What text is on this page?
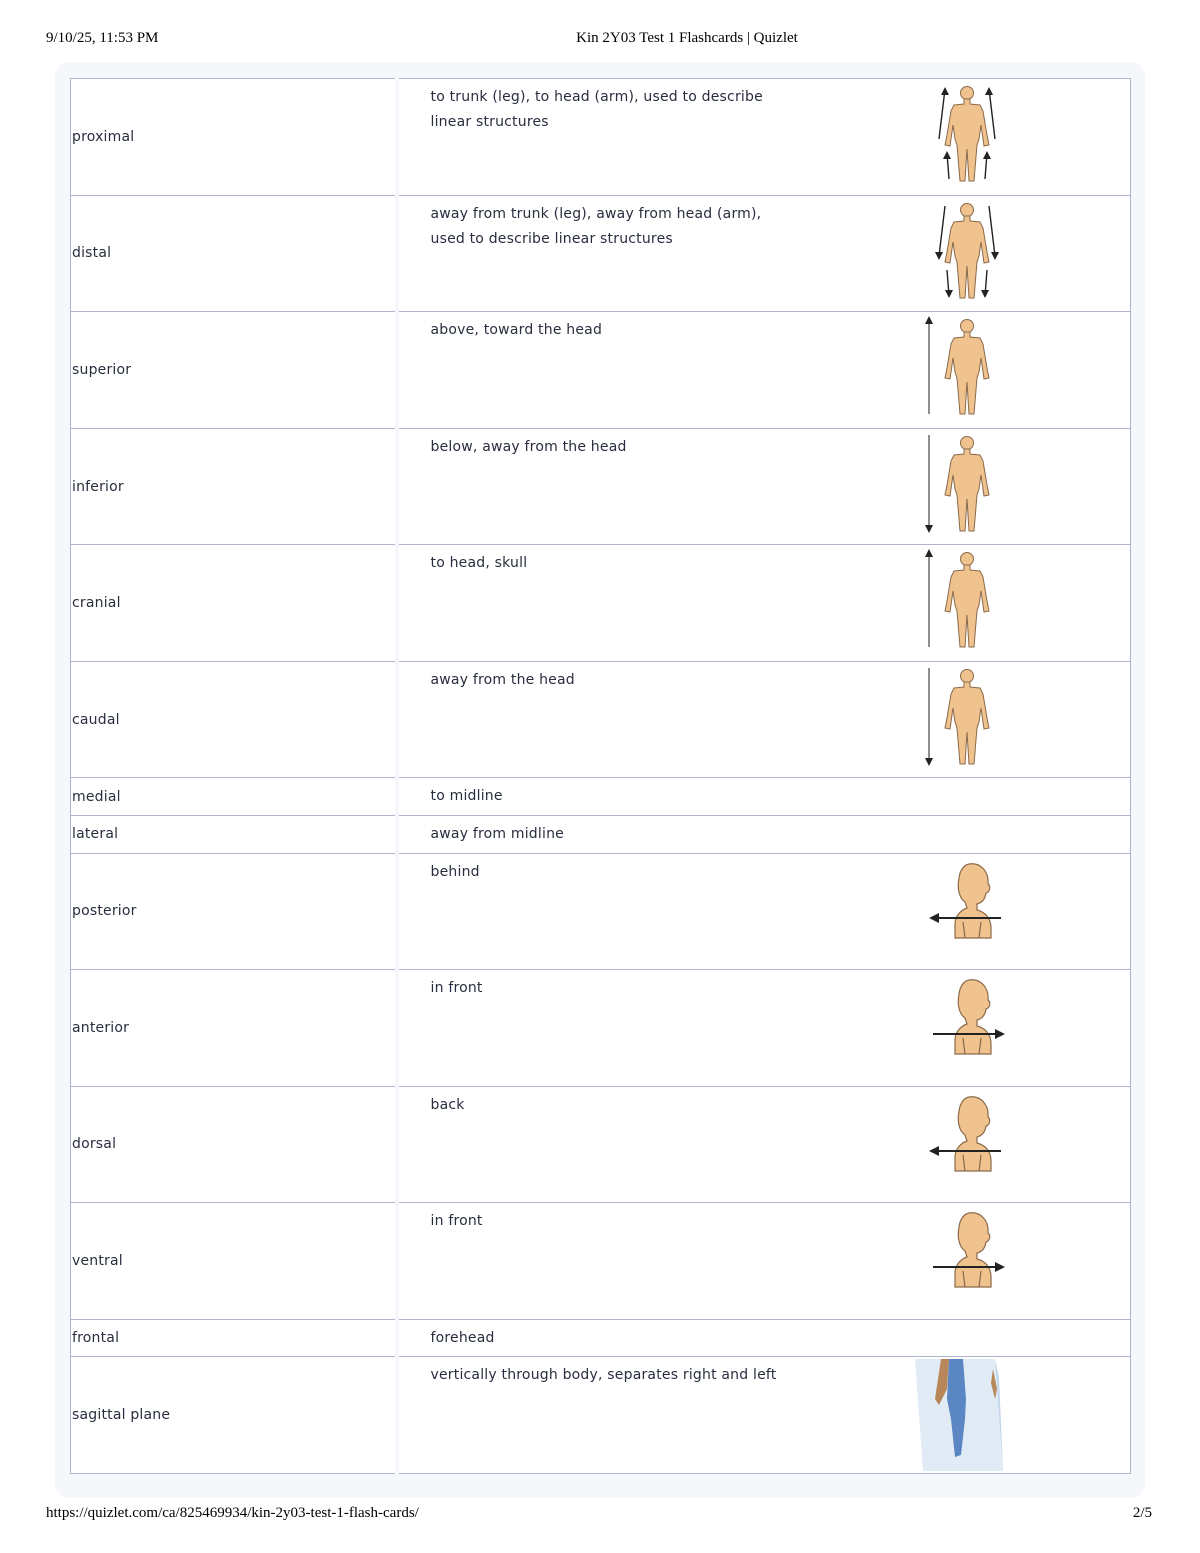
9/10/25, 11:53 PM	Kin 2Y03 Test 1 Flashcards | Quizlet
proximal	to trunk (leg), to head (arm), used to describe linear structures	

distal	away from trunk (leg), away from head (arm), used to describe linear structures	

superior	above, toward the head	

inferior	below, away from the head	

cranial	to head, skull	

caudal	away from the head	

medial	to midline	
lateral	away from midline	
posterior	behind	

anterior	in front	

dorsal	back	

ventral	in front	

frontal	forehead	
sagittal plane	vertically through body, separates right and left	
https://quizlet.com/ca/825469934/kin-2y03-test-1-flash-cards/	2/5
